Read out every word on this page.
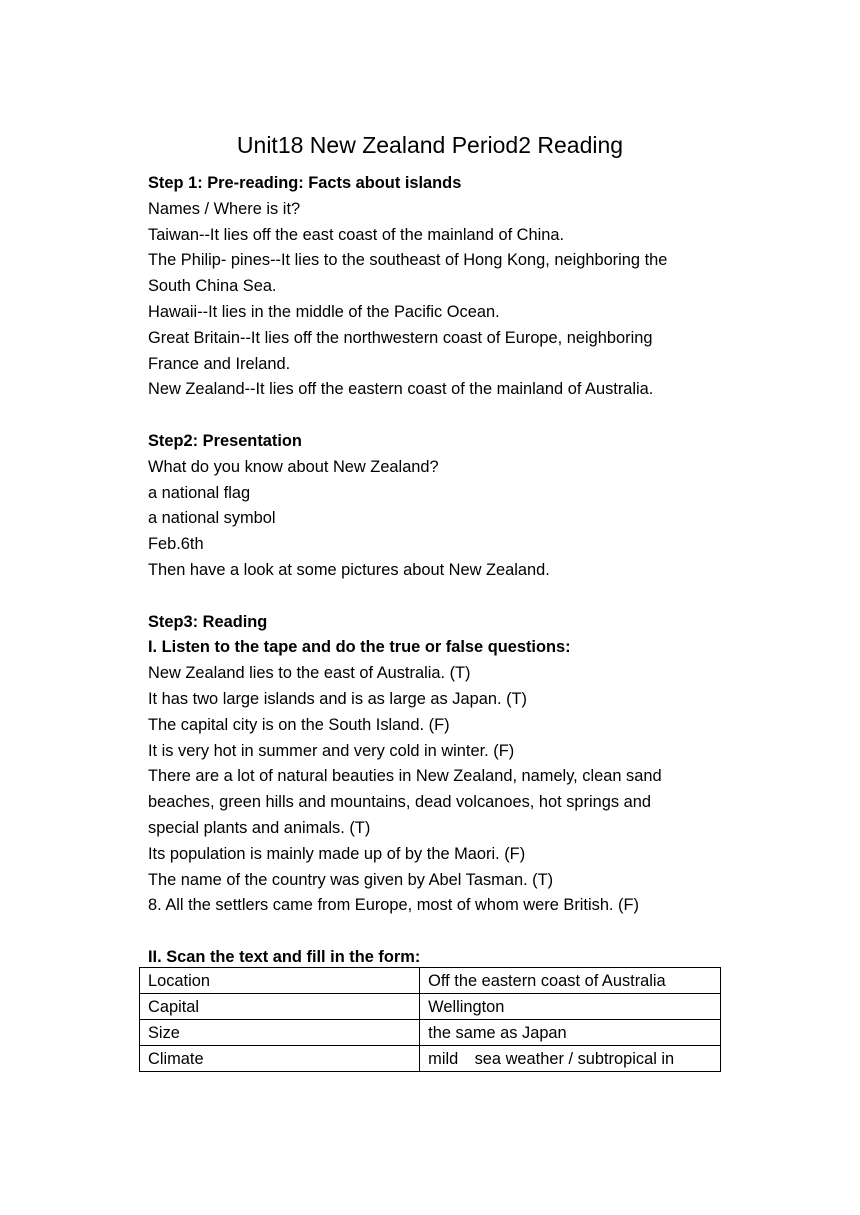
Unit18 New Zealand Period2 Reading
Step 1: Pre-reading: Facts about islands
Names / Where is it?
Taiwan--It lies off the east coast of the mainland of China.
The Philip- pines--It lies to the southeast of Hong Kong, neighboring the
South China Sea.
Hawaii--It lies in the middle of the Pacific Ocean.
Great Britain--It lies off the northwestern coast of Europe, neighboring
France and Ireland.
New Zealand--It lies off the eastern coast of the mainland of Australia.
Step2: Presentation
What do you know about New Zealand?
a national flag
a national symbol
Feb.6th
Then have a look at some pictures about New Zealand.
Step3: Reading
I. Listen to the tape and do the true or false questions:
New Zealand lies to the east of Australia. (T)
It has two large islands and is as large as Japan. (T)
The capital city is on the South Island. (F)
It is very hot in summer and very cold in winter. (F)
There are a lot of natural beauties in New Zealand, namely, clean sand
beaches, green hills and mountains, dead volcanoes, hot springs and
special plants and animals. (T)
Its population is mainly made up of by the Maori. (F)
The name of the country was given by Abel Tasman. (T)
8. All the settlers came from Europe, most of whom were British. (F)
II. Scan the text and fill in the form:
Location	Off the eastern coast of Australia
Capital	Wellington
Size	the same as Japan
Climate	mild　sea weather / subtropical in
